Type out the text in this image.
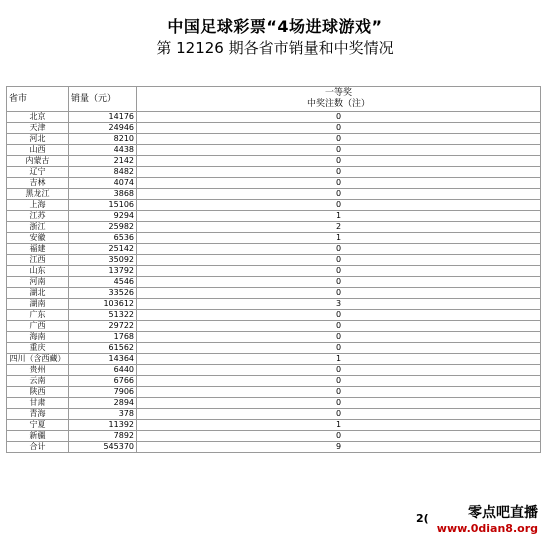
中国足球彩票“4场进球游戏”
第 12126 期各省市销量和中奖情况
省市	销量（元）	一等奖
中奖注数（注）

北京	14176	0
天津	24946	0
河北	8210	0
山西	4438	0
内蒙古	2142	0
辽宁	8482	0
吉林	4074	0
黑龙江	3868	0
上海	15106	0
江苏	9294	1
浙江	25982	2
安徽	6536	1
福建	25142	0
江西	35092	0
山东	13792	0
河南	4546	0
湖北	33526	0
湖南	103612	3
广东	51322	0
广西	29722	0
海南	1768	0
重庆	61562	0
四川（含西藏）	14364	1
贵州	6440	0
云南	6766	0
陕西	7906	0
甘肃	2894	0
青海	378	0
宁夏	11392	1
新疆	7892	0
合计	545370	9
2(	零点吧直播
www.0dian8.org
